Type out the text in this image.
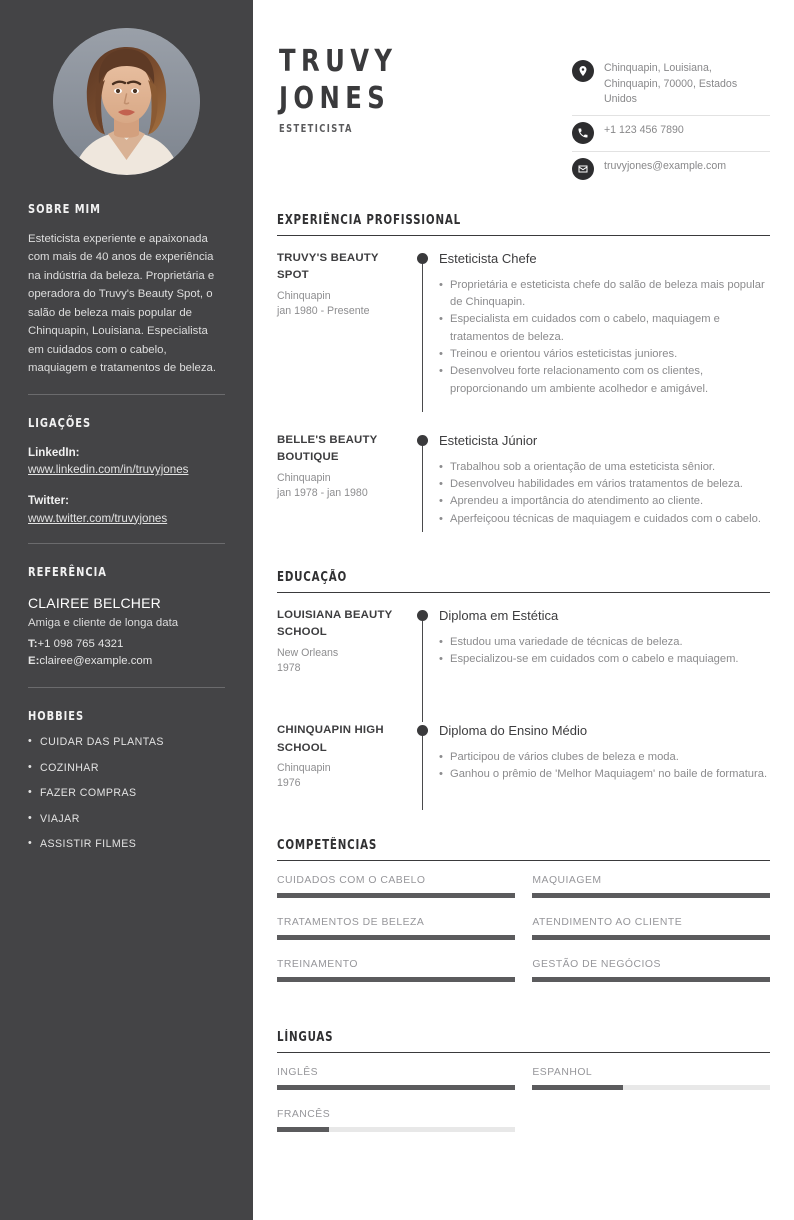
SOBRE MIM

Esteticista experiente e apaixonada com mais de 40 anos de experiência na indústria da beleza. Proprietária e operadora do Truvy's Beauty Spot, o salão de beleza mais popular de Chinquapin, Louisiana. Especialista em cuidados com o cabelo, maquiagem e tratamentos de beleza.

LIGAÇÕES
LinkedIn:
www.linkedin.com/in/truvyjones
Twitter:
www.twitter.com/truvyjones
REFERÊNCIA
CLAIREE BELCHER
Amiga e cliente de longa data
T:+1 098 765 4321
E:clairee@example.com
HOBBIES
• CUIDAR DAS PLANTAS
• COZINHAR
• FAZER COMPRAS
• VIAJAR
• ASSISTIR FILMES
TRUVY
JONES
ESTETICISTA
Chinquapin, Louisiana, Chinquapin, 70000, Estados Unidos
+1 123 456 7890
truvyjones@example.com
EXPERIÊNCIA PROFISSIONAL
TRUVY'S BEAUTY SPOT
Chinquapin
jan 1980 - Presente
Esteticista Chefe
• Proprietária e esteticista chefe do salão de beleza mais popular de Chinquapin.
• Especialista em cuidados com o cabelo, maquiagem e tratamentos de beleza.
• Treinou e orientou vários esteticistas juniores.
• Desenvolveu forte relacionamento com os clientes, proporcionando um ambiente acolhedor e amigável.
BELLE'S BEAUTY BOUTIQUE
Chinquapin
jan 1978 - jan 1980
Esteticista Júnior
• Trabalhou sob a orientação de uma esteticista sênior.
• Desenvolveu habilidades em vários tratamentos de beleza.
• Aprendeu a importância do atendimento ao cliente.
• Aperfeiçoou técnicas de maquiagem e cuidados com o cabelo.
EDUCAÇÃO
LOUISIANA BEAUTY SCHOOL
New Orleans
1978
Diploma em Estética
• Estudou uma variedade de técnicas de beleza.
• Especializou-se em cuidados com o cabelo e maquiagem.
CHINQUAPIN HIGH SCHOOL
Chinquapin
1976
Diploma do Ensino Médio
• Participou de vários clubes de beleza e moda.
• Ganhou o prêmio de 'Melhor Maquiagem' no baile de formatura.
COMPETÊNCIAS
CUIDADOS COM O CABELO	MAQUIAGEM
TRATAMENTOS DE BELEZA	ATENDIMENTO AO CLIENTE
TREINAMENTO	GESTÃO DE NEGÓCIOS
LÍNGUAS
INGLÊS	ESPANHOL
FRANCÊS
